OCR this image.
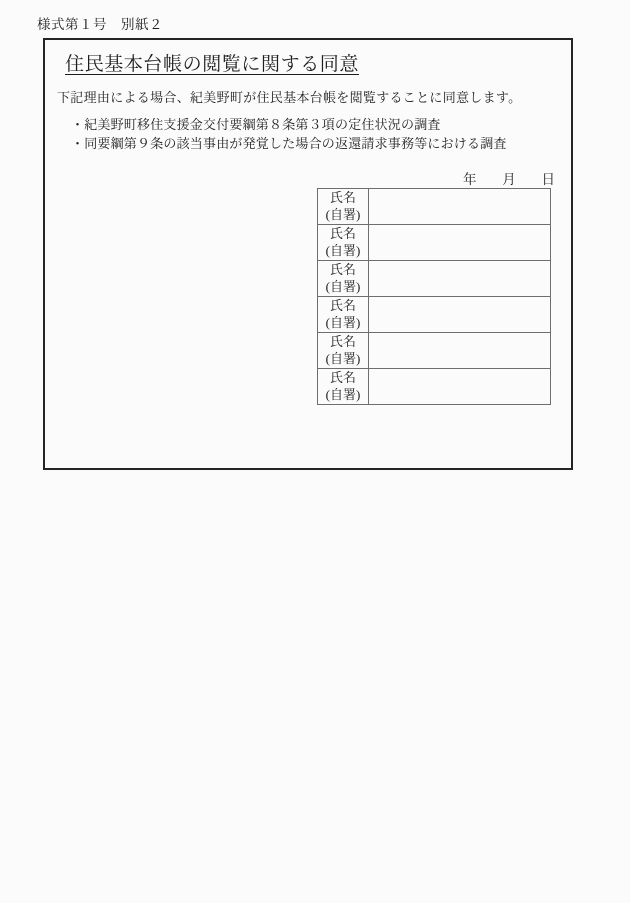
様式第１号　別紙２
住民基本台帳の閲覧に関する同意
下記理由による場合、紀美野町が住民基本台帳を閲覧することに同意します。
・紀美野町移住支援金交付要綱第８条第３項の定住状況の調査
・同要綱第９条の該当事由が発覚した場合の返還請求事務等における調査
年 月 日
氏名
(自署)	

氏名
(自署)	

氏名
(自署)	

氏名
(自署)	

氏名
(自署)	

氏名
(自署)	
